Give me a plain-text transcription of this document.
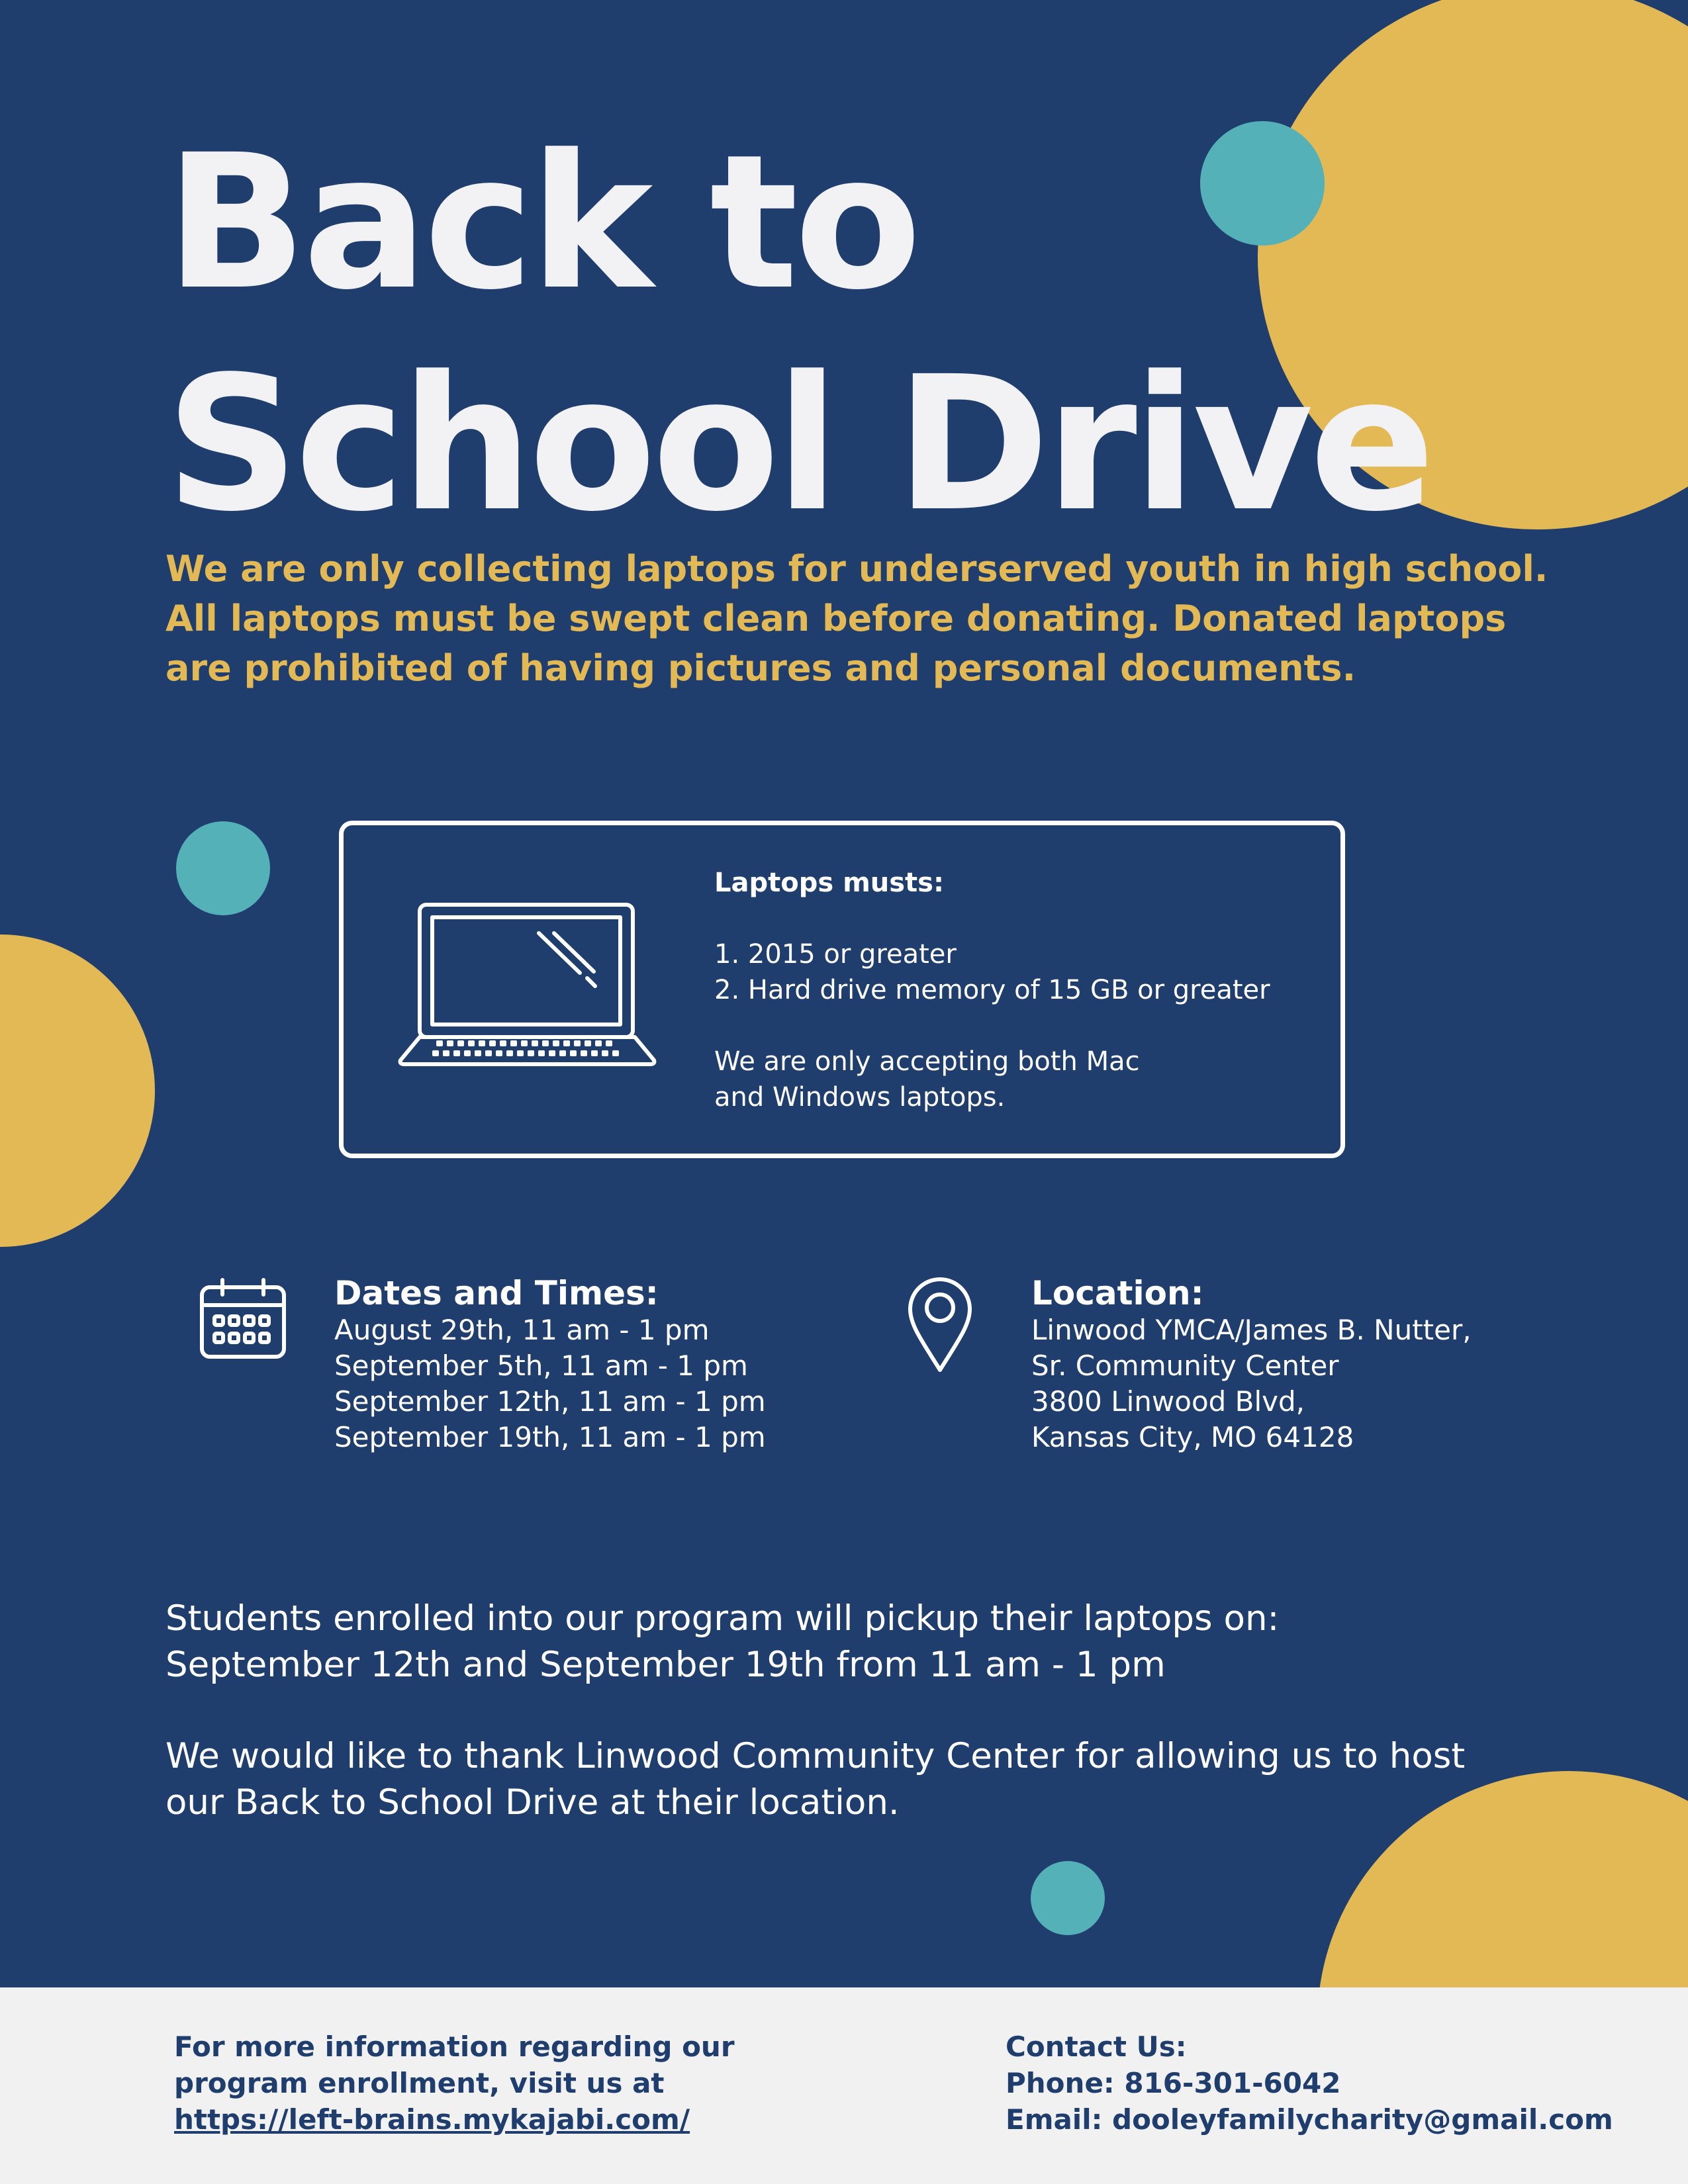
Back to
School Drive

We are only collecting laptops for underserved youth in high school.
All laptops must be swept clean before donating. Donated laptops
are prohibited of having pictures and personal documents.

Laptops musts:
1. 2015 or greater
2. Hard drive memory of 15 GB or greater
We are only accepting both Mac
and Windows laptops.
Dates and Times:
August 29th, 11 am - 1 pm
September 5th, 11 am - 1 pm
September 12th, 11 am - 1 pm
September 19th, 11 am - 1 pm
Location:
Linwood YMCA/James B. Nutter,
Sr. Community Center
3800 Linwood Blvd,
Kansas City, MO 64128

Students enrolled into our program will pickup their laptops on:
September 12th and September 19th from 11 am - 1 pm

We would like to thank Linwood Community Center for allowing us to host
our Back to School Drive at their location.

For more information regarding our
program enrollment, visit us at
https://left-brains.mykajabi.com/
Contact Us:
Phone: 816-301-6042
Email: dooleyfamilycharity@gmail.com
